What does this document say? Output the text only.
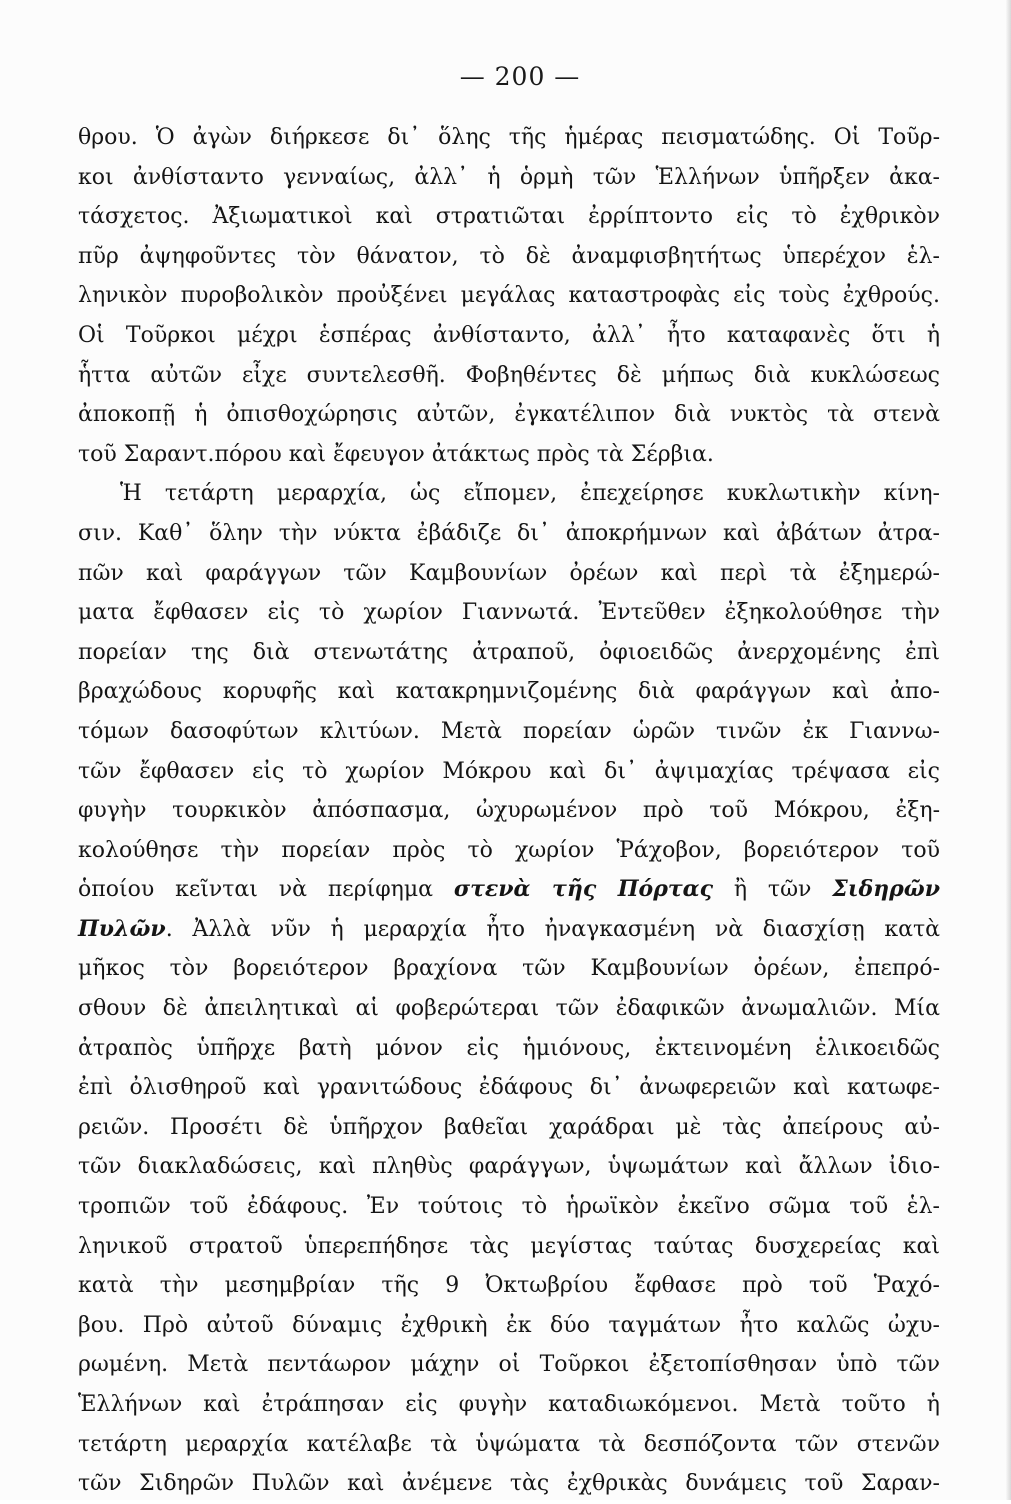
— 200 —
θρου. Ὁ ἀγὼν διήρκεσε δι᾽ ὅλης τῆς ἡμέρας πεισματώδης. Οἱ Τοῦρ-
κοι ἀνθίσταντο γενναίως, ἀλλ᾽ ἡ ὁρμὴ τῶν Ἑλλήνων ὑπῆρξεν ἀκα-
τάσχετος. Ἀξιωματικοὶ καὶ στρατιῶται ἐρρίπτοντο εἰς τὸ ἐχθρικὸν
πῦρ ἀψηφοῦντες τὸν θάνατον, τὸ δὲ ἀναμφισβητήτως ὑπερέχον ἑλ-
ληνικὸν πυροβολικὸν προὐξένει μεγάλας καταστροφὰς εἰς τοὺς ἐχθρούς.
Οἱ Τοῦρκοι μέχρι ἑσπέρας ἀνθίσταντο, ἀλλ᾽ ἦτο καταφανὲς ὅτι ἡ
ἧττα αὐτῶν εἶχε συντελεσθῆ. Φοβηθέντες δὲ μήπως διὰ κυκλώσεως
ἀποκοπῇ ἡ ὀπισθοχώρησις αὐτῶν, ἐγκατέλιπον διὰ νυκτὸς τὰ στενὰ
τοῦ Σαραντ.πόρου καὶ ἔφευγον ἀτάκτως πρὸς τὰ Σέρβια.
Ἡ τετάρτη μεραρχία, ὡς εἴπομεν, ἐπεχείρησε κυκλωτικὴν κίνη-
σιν. Καθ᾽ ὅλην τὴν νύκτα ἐβάδιζε δι᾽ ἀποκρήμνων καὶ ἀβάτων ἀτρα-
πῶν καὶ φαράγγων τῶν Καμβουνίων ὀρέων καὶ περὶ τὰ ἐξημερώ-
ματα ἔφθασεν εἰς τὸ χωρίον Γιαννωτά. Ἐντεῦθεν ἐξηκολούθησε τὴν
πορείαν της διὰ στενωτάτης ἀτραποῦ, ὀφιοειδῶς ἀνερχομένης ἐπὶ
βραχώδους κορυφῆς καὶ κατακρημνιζομένης διὰ φαράγγων καὶ ἀπο-
τόμων δασοφύτων κλιτύων. Μετὰ πορείαν ὡρῶν τινῶν ἐκ Γιαννω-
τῶν ἔφθασεν εἰς τὸ χωρίον Μόκρου καὶ δι᾽ ἀψιμαχίας τρέψασα εἰς
φυγὴν τουρκικὸν ἀπόσπασμα, ὠχυρωμένον πρὸ τοῦ Μόκρου, ἐξη-
κολούθησε τὴν πορείαν πρὸς τὸ χωρίον Ῥάχοβον, βορειότερον τοῦ
ὁποίου κεῖνται νὰ περίφημα στενὰ τῆς Πόρτας ἢ τῶν Σιδηρῶν
Πυλῶν. Ἀλλὰ νῦν ἡ μεραρχία ἦτο ἠναγκασμένη νὰ διασχίσῃ κατὰ
μῆκος τὸν βορειότερον βραχίονα τῶν Καμβουνίων ὀρέων, ἐπεπρό-
σθουν δὲ ἀπειλητικαὶ αἱ φοβερώτεραι τῶν ἐδαφικῶν ἀνωμαλιῶν. Μία
ἀτραπὸς ὑπῆρχε βατὴ μόνον εἰς ἡμιόνους, ἐκτεινομένη ἑλικοειδῶς
ἐπὶ ὀλισθηροῦ καὶ γρανιτώδους ἐδάφους δι᾽ ἀνωφερειῶν καὶ κατωφε-
ρειῶν. Προσέτι δὲ ὑπῆρχον βαθεῖαι χαράδραι μὲ τὰς ἀπείρους αὐ-
τῶν διακλαδώσεις, καὶ πληθὺς φαράγγων, ὑψωμάτων καὶ ἄλλων ἰδιο-
τροπιῶν τοῦ ἐδάφους. Ἐν τούτοις τὸ ἡρωϊκὸν ἐκεῖνο σῶμα τοῦ ἑλ-
ληνικοῦ στρατοῦ ὑπερεπήδησε τὰς μεγίστας ταύτας δυσχερείας καὶ
κατὰ τὴν μεσημβρίαν τῆς 9 Ὀκτωβρίου ἔφθασε πρὸ τοῦ Ῥαχό-
βου. Πρὸ αὐτοῦ δύναμις ἐχθρικὴ ἐκ δύο ταγμάτων ἦτο καλῶς ὠχυ-
ρωμένη. Μετὰ πεντάωρον μάχην οἱ Τοῦρκοι ἐξετοπίσθησαν ὑπὸ τῶν
Ἑλλήνων καὶ ἐτράπησαν εἰς φυγὴν καταδιωκόμενοι. Μετὰ τοῦτο ἡ
τετάρτη μεραρχία κατέλαβε τὰ ὑψώματα τὰ δεσπόζοντα τῶν στενῶν
τῶν Σιδηρῶν Πυλῶν καὶ ἀνέμενε τὰς ἐχθρικὰς δυνάμεις τοῦ Σαραν-
